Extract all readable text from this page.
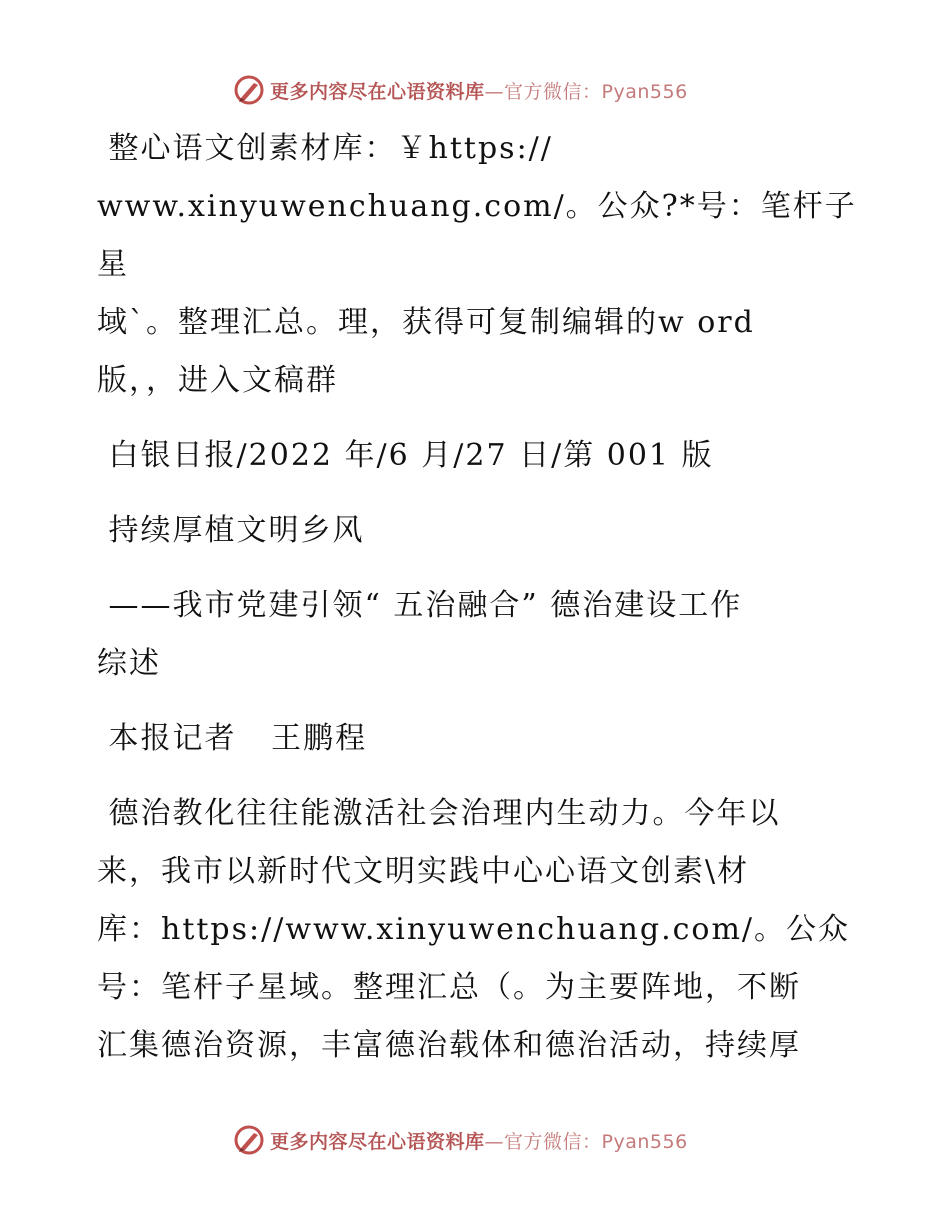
更多内容尽在心语资料库—官方微信：Pyan556

整心语文创素材库：￥https://
www.xinyuwenchuang.com/。公众?*号：笔杆子星
域`。整理汇总。理，获得可复制编辑的w ord
版，，进入文稿群

白银日报/2022 年/6 月/27 日/第 001 版

持续厚植文明乡风

——我市党建引领“ 五治融合” 德治建设工作
综述

本报记者   王鹏程

德治教化往往能激活社会治理内生动力。今年以
来，我市以新时代文明实践中心心语文创素\材
库：https://www.xinyuwenchuang.com/。公众
号：笔杆子星域。整理汇总（。为主要阵地，不断
汇集德治资源，丰富德治载体和德治活动，持续厚

更多内容尽在心语资料库—官方微信：Pyan556
